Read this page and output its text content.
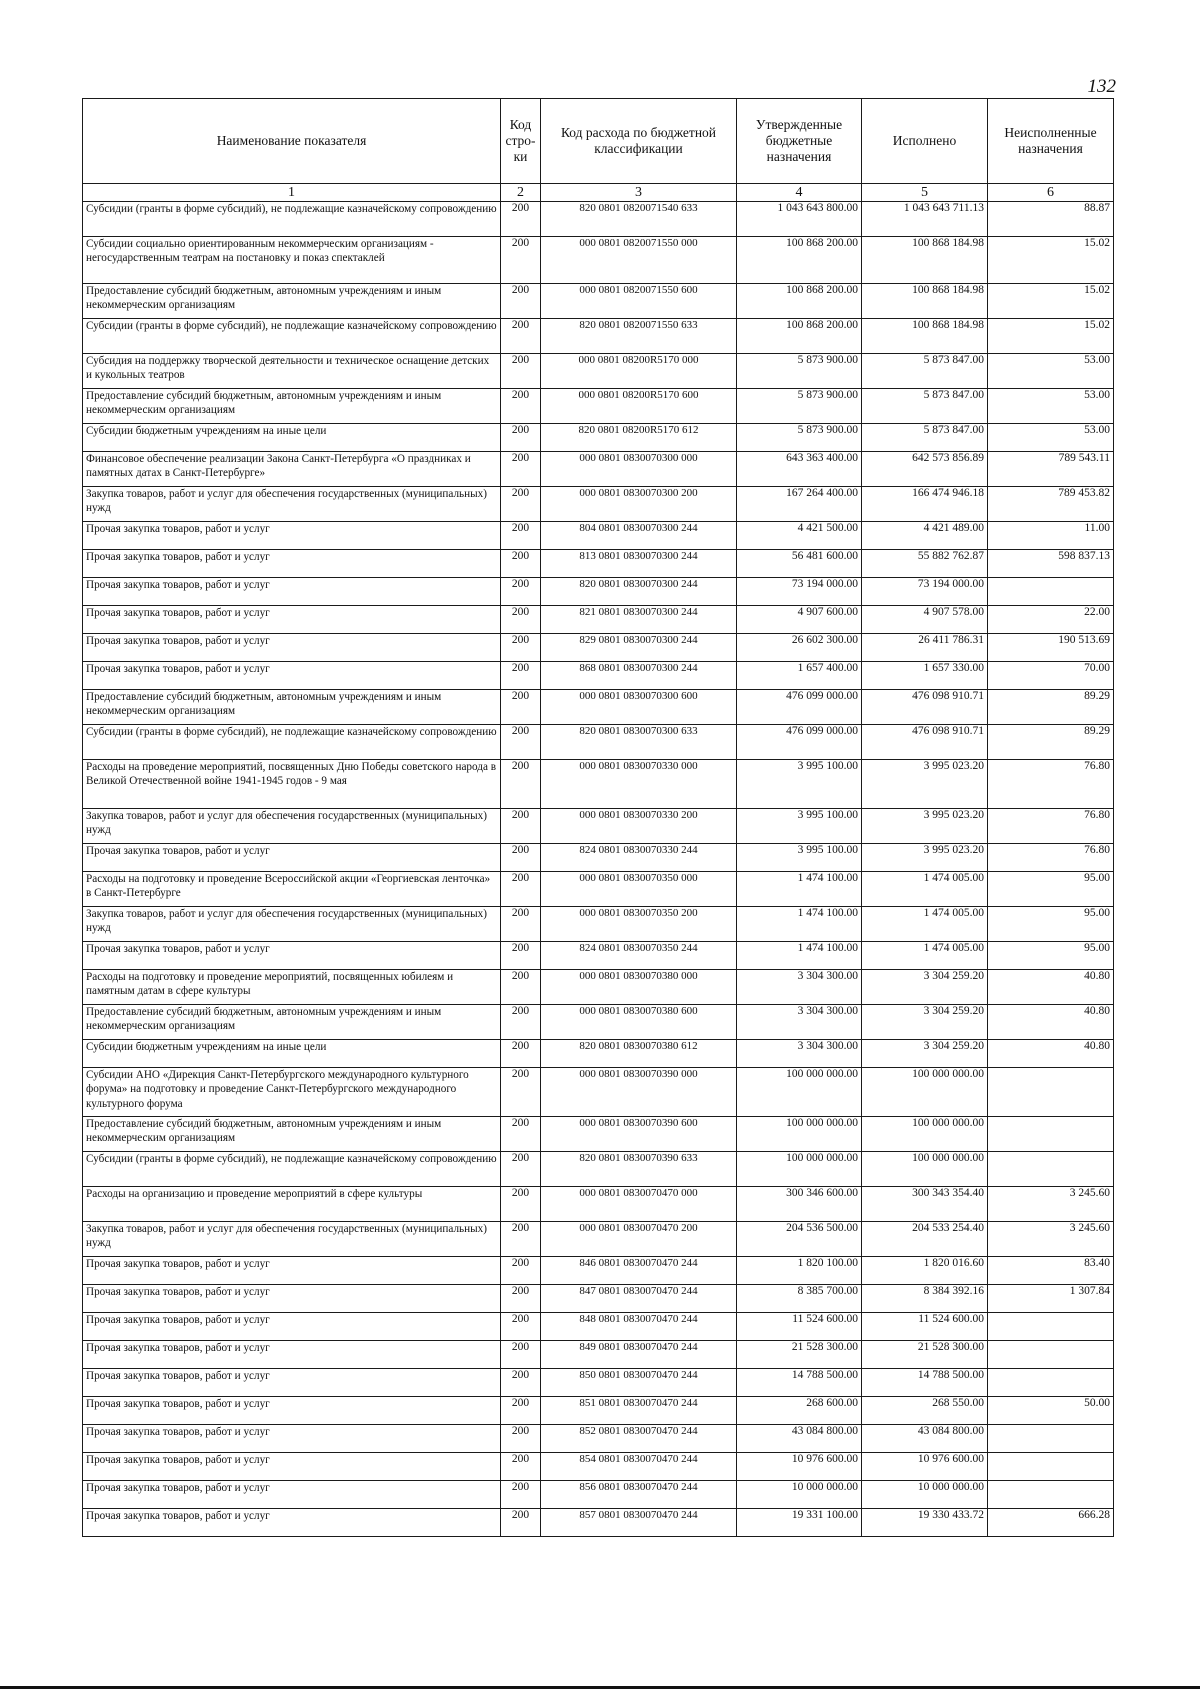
132
Наименование показателя	Код стро- ки	Код расхода по бюджетной классификации	Утвержденные бюджетные назначения	Исполнено	Неисполненные назначения
1	2	3	4	5	6
Субсидии (гранты в форме субсидий), не подлежащие казначейскому сопровождению	200	820 0801 0820071540 633	1 043 643 800.00	1 043 643 711.13	88.87
Субсидии социально ориентированным некоммерческим организациям - негосударственным театрам на постановку и показ спектаклей	200	000 0801 0820071550 000	100 868 200.00	100 868 184.98	15.02
Предоставление субсидий бюджетным, автономным учреждениям и иным некоммерческим организациям	200	000 0801 0820071550 600	100 868 200.00	100 868 184.98	15.02
Субсидии (гранты в форме субсидий), не подлежащие казначейскому сопровождению	200	820 0801 0820071550 633	100 868 200.00	100 868 184.98	15.02
Субсидия на поддержку творческой деятельности и техническое оснащение детских и кукольных театров	200	000 0801 08200R5170 000	5 873 900.00	5 873 847.00	53.00
Предоставление субсидий бюджетным, автономным учреждениям и иным некоммерческим организациям	200	000 0801 08200R5170 600	5 873 900.00	5 873 847.00	53.00
Субсидии бюджетным учреждениям на иные цели	200	820 0801 08200R5170 612	5 873 900.00	5 873 847.00	53.00
Финансовое обеспечение реализации Закона Санкт-Петербурга «О праздниках и памятных датах в Санкт-Петербурге»	200	000 0801 0830070300 000	643 363 400.00	642 573 856.89	789 543.11
Закупка товаров, работ и услуг для обеспечения государственных (муниципальных) нужд	200	000 0801 0830070300 200	167 264 400.00	166 474 946.18	789 453.82
Прочая закупка товаров, работ и услуг	200	804 0801 0830070300 244	4 421 500.00	4 421 489.00	11.00
Прочая закупка товаров, работ и услуг	200	813 0801 0830070300 244	56 481 600.00	55 882 762.87	598 837.13
Прочая закупка товаров, работ и услуг	200	820 0801 0830070300 244	73 194 000.00	73 194 000.00	
Прочая закупка товаров, работ и услуг	200	821 0801 0830070300 244	4 907 600.00	4 907 578.00	22.00
Прочая закупка товаров, работ и услуг	200	829 0801 0830070300 244	26 602 300.00	26 411 786.31	190 513.69
Прочая закупка товаров, работ и услуг	200	868 0801 0830070300 244	1 657 400.00	1 657 330.00	70.00
Предоставление субсидий бюджетным, автономным учреждениям и иным некоммерческим организациям	200	000 0801 0830070300 600	476 099 000.00	476 098 910.71	89.29
Субсидии (гранты в форме субсидий), не подлежащие казначейскому сопровождению	200	820 0801 0830070300 633	476 099 000.00	476 098 910.71	89.29
Расходы на проведение мероприятий, посвященных Дню Победы советского народа в Великой Отечественной войне 1941-1945 годов - 9 мая	200	000 0801 0830070330 000	3 995 100.00	3 995 023.20	76.80
Закупка товаров, работ и услуг для обеспечения государственных (муниципальных) нужд	200	000 0801 0830070330 200	3 995 100.00	3 995 023.20	76.80
Прочая закупка товаров, работ и услуг	200	824 0801 0830070330 244	3 995 100.00	3 995 023.20	76.80
Расходы на подготовку и проведение Всероссийской акции «Георгиевская ленточка» в Санкт-Петербурге	200	000 0801 0830070350 000	1 474 100.00	1 474 005.00	95.00
Закупка товаров, работ и услуг для обеспечения государственных (муниципальных) нужд	200	000 0801 0830070350 200	1 474 100.00	1 474 005.00	95.00
Прочая закупка товаров, работ и услуг	200	824 0801 0830070350 244	1 474 100.00	1 474 005.00	95.00
Расходы на подготовку и проведение мероприятий, посвященных юбилеям и памятным датам в сфере культуры	200	000 0801 0830070380 000	3 304 300.00	3 304 259.20	40.80
Предоставление субсидий бюджетным, автономным учреждениям и иным некоммерческим организациям	200	000 0801 0830070380 600	3 304 300.00	3 304 259.20	40.80
Субсидии бюджетным учреждениям на иные цели	200	820 0801 0830070380 612	3 304 300.00	3 304 259.20	40.80
Субсидии АНО «Дирекция Санкт-Петербургского международного культурного форума» на подготовку и проведение Санкт-Петербургского международного культурного форума	200	000 0801 0830070390 000	100 000 000.00	100 000 000.00	
Предоставление субсидий бюджетным, автономным учреждениям и иным некоммерческим организациям	200	000 0801 0830070390 600	100 000 000.00	100 000 000.00	
Субсидии (гранты в форме субсидий), не подлежащие казначейскому сопровождению	200	820 0801 0830070390 633	100 000 000.00	100 000 000.00	
Расходы на организацию и проведение мероприятий в сфере культуры	200	000 0801 0830070470 000	300 346 600.00	300 343 354.40	3 245.60
Закупка товаров, работ и услуг для обеспечения государственных (муниципальных) нужд	200	000 0801 0830070470 200	204 536 500.00	204 533 254.40	3 245.60
Прочая закупка товаров, работ и услуг	200	846 0801 0830070470 244	1 820 100.00	1 820 016.60	83.40
Прочая закупка товаров, работ и услуг	200	847 0801 0830070470 244	8 385 700.00	8 384 392.16	1 307.84
Прочая закупка товаров, работ и услуг	200	848 0801 0830070470 244	11 524 600.00	11 524 600.00	
Прочая закупка товаров, работ и услуг	200	849 0801 0830070470 244	21 528 300.00	21 528 300.00	
Прочая закупка товаров, работ и услуг	200	850 0801 0830070470 244	14 788 500.00	14 788 500.00	
Прочая закупка товаров, работ и услуг	200	851 0801 0830070470 244	268 600.00	268 550.00	50.00
Прочая закупка товаров, работ и услуг	200	852 0801 0830070470 244	43 084 800.00	43 084 800.00	
Прочая закупка товаров, работ и услуг	200	854 0801 0830070470 244	10 976 600.00	10 976 600.00	
Прочая закупка товаров, работ и услуг	200	856 0801 0830070470 244	10 000 000.00	10 000 000.00	
Прочая закупка товаров, работ и услуг	200	857 0801 0830070470 244	19 331 100.00	19 330 433.72	666.28
